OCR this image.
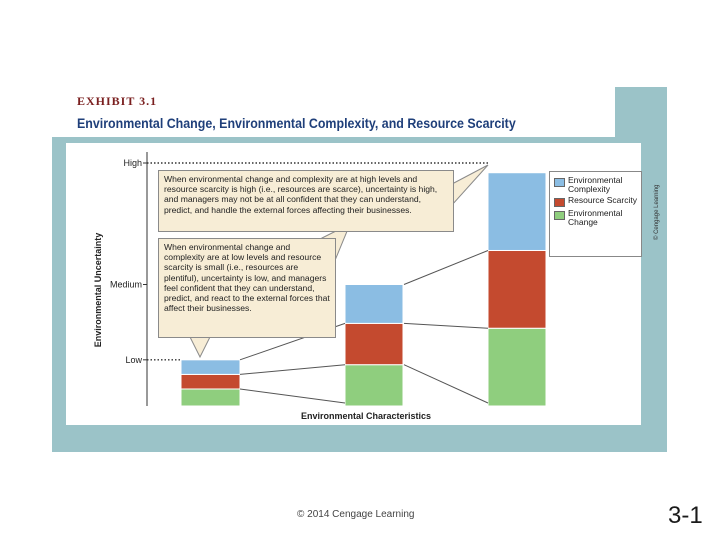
EXHIBIT 3.1
Environmental Change, Environmental Complexity, and Resource Scarcity
© Cengage Learning
Low
Medium
High
Environmental Uncertainty
Environmental Characteristics
When environmental change and complexity are at high levels and resource scarcity is high (i.e., resources are scarce), uncertainty is high, and managers may not be at all confident that they can understand, predict, and handle the external forces affecting their businesses.
When environmental change and complexity are at low levels and resource scarcity is small (i.e., resources are plentiful), uncertainty is low, and managers feel confident that they can understand, predict, and react to the external forces that affect their businesses.
Environmental Complexity
Resource Scarcity
Environmental Change
© 2014 Cengage Learning	3-1
